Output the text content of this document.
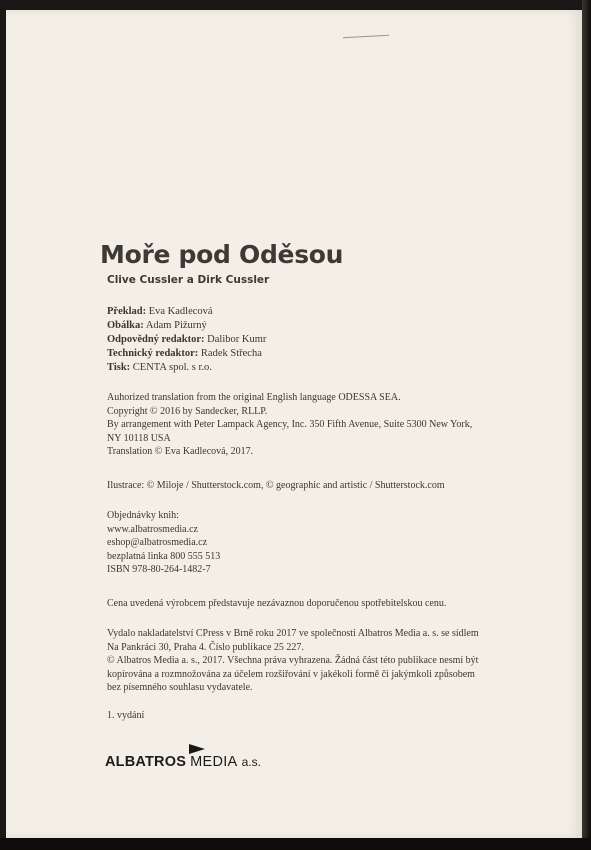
Moře pod Oděsou
Clive Cussler a Dirk Cussler
Překlad: Eva Kadlecová
Obálka: Adam Pižurný
Odpovědný redaktor: Dalibor Kumr
Technický redaktor: Radek Střecha
Tisk: CENTA spol. s r.o.
Auhorized translation from the original English language ODESSA SEA.
Copyright © 2016 by Sandecker, RLLP.
By arrangement with Peter Lampack Agency, Inc. 350 Fifth Avenue, Suite 5300 New York,
NY 10118 USA
Translation © Eva Kadlecová, 2017.
Ilustrace: © Miloje / Shutterstock.com, © geographic and artistic / Shutterstock.com
Objednávky knih:
www.albatrosmedia.cz
eshop@albatrosmedia.cz
bezplatná linka 800 555 513
ISBN 978-80-264-1482-7
Cena uvedená výrobcem představuje nezávaznou doporučenou spotřebitelskou cenu.
Vydalo nakladatelství CPress v Brně roku 2017 ve společnosti Albatros Media a. s. se sídlem
Na Pankráci 30, Praha 4. Číslo publikace 25 227.
© Albatros Media a. s., 2017. Všechna práva vyhrazena. Žádná část této publikace nesmí být
kopírována a rozmnožována za účelem rozšiřování v jakékoli formě či jakýmkoli způsobem
bez písemného souhlasu vydavatele.
1. vydání
ALBATROS MEDIA a.s.
